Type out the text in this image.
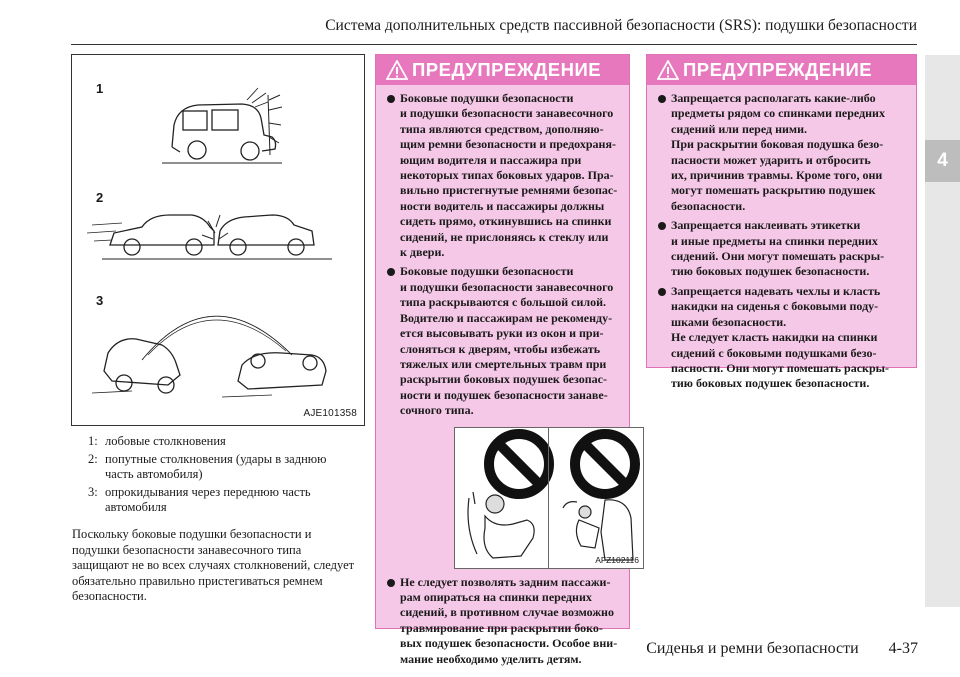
Система дополнительных средств пассивной безопасности (SRS): подушки безопасности
4
1
2
3
AJE101358
1: лобовые столкновения
2: попутные столкновения (удары в заднюю часть автомобиля)
3: опрокидывания через переднюю часть автомобиля
Поскольку боковые подушки безопасности и подушки безопасности занавесочного типа защищают не во всех случаях столкновений, следует обязательно правильно пристегиваться ремнем безопасности.
ПРЕДУПРЕЖДЕНИЕ
Боковые подушки безопасности
и подушки безопасности занавесочного
типа являются средством, дополняю-
щим ремни безопасности и предохраня-
ющим водителя и пассажира при
некоторых типах боковых ударов. Пра-
вильно пристегнутые ремнями безопас-
ности водитель и пассажиры должны
сидеть прямо, откинувшись на спинки
сидений, не прислоняясь к стеклу или
к двери.
Боковые подушки безопасности
и подушки безопасности занавесочного
типа раскрываются с большой силой.
Водителю и пассажирам не рекоменду-
ется высовывать руки из окон и при-
слоняться к дверям, чтобы избежать
тяжелых или смертельных травм при
раскрытии боковых подушек безопас-
ности и подушек безопасности занаве-
сочного типа.
AFZ102116
Не следует позволять задним пассажи-
рам опираться на спинки передних
сидений, в противном случае возможно
травмирование при раскрытии боко-
вых подушек безопасности. Особое вни-
мание необходимо уделить детям.
ПРЕДУПРЕЖДЕНИЕ
Запрещается располагать какие-либо
предметы рядом со спинками передних
сидений или перед ними.
При раскрытии боковая подушка безо-
пасности может ударить и отбросить
их, причинив травмы. Кроме того, они
могут помешать раскрытию подушек
безопасности.
Запрещается наклеивать этикетки
и иные предметы на спинки передних
сидений. Они могут помешать раскры-
тию боковых подушек безопасности.
Запрещается надевать чехлы и класть
накидки на сиденья с боковыми поду-
шками безопасности.
Не следует класть накидки на спинки
сидений с боковыми подушками безо-
пасности. Они могут помешать раскры-
тию боковых подушек безопасности.
Сиденья и ремни безопасности 4-37
